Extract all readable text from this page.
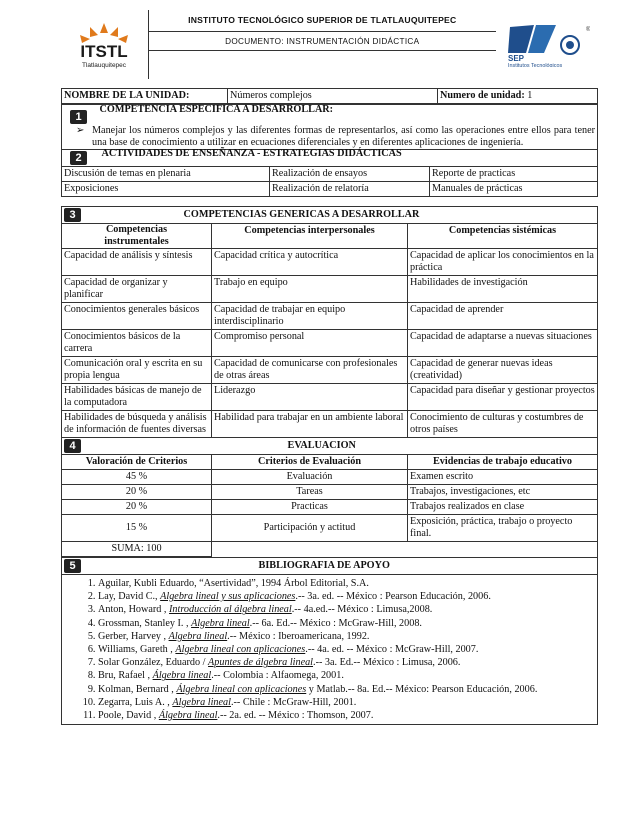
ITSTL
Tlatlauquitepec

INSTITUTO TECNOLÓGICO SUPERIOR DE TLATLAUQUITEPEC
DOCUMENTO: INSTRUMENTACIÓN DIDÁCTICA

®
SEP
Institutos Tecnológicos
NOMBRE DE LA UNIDAD:	Números complejos	Numero de unidad: 1
1 COMPETENCIA ESPECIFICA A DESARROLLAR:

➢ Manejar los números complejos y las diferentes formas de representarlos, así como las operaciones entre ellos para tener una base de conocimiento a utilizar en ecuaciones diferenciales y en diferentes aplicaciones de ingeniería.
2 ACTIVIDADES DE ENSEÑANZA - ESTRATEGIAS DIDÁCTICAS		
Discusión de temas en plenaria	Realización de ensayos	Reporte de practicas
Exposiciones	Realización de relatoría	Manuales de prácticas
3 COMPETENCIAS GENERICAS A DESARROLLAR		
Competencias instrumentales	Competencias interpersonales	Competencias sistémicas
Capacidad de análisis y síntesis	Capacidad crítica y autocrítica	Capacidad de aplicar los conocimientos en la práctica
Capacidad de organizar y planificar	Trabajo en equipo	Habilidades de investigación
Conocimientos generales básicos	Capacidad de trabajar en equipo interdisciplinario	Capacidad de aprender
Conocimientos básicos de la carrera	Compromiso personal	Capacidad de adaptarse a nuevas situaciones
Comunicación oral y escrita en su propia lengua	Capacidad de comunicarse con profesionales de otras áreas	Capacidad de generar nuevas ideas (creatividad)
Habilidades básicas de manejo de la computadora	Liderazgo	Capacidad para diseñar y gestionar proyectos
Habilidades de búsqueda y análisis de información de fuentes diversas	Habilidad para trabajar en un ambiente laboral	Conocimiento de culturas y costumbres de otros países
4 EVALUACION		
Valoración de Criterios	Criterios de Evaluación	Evidencias de trabajo educativo
45 %	Evaluación	Examen escrito
20 %	Tareas	Trabajos, investigaciones, etc
20 %	Practicas	Trabajos realizados en clase
15 %	Participación y actitud	Exposición, práctica, trabajo o proyecto final.
SUMA: 100		
5	BIBLIOGRAFIA DE APOYO

1. Aguilar, Kubli Eduardo, “Asertividad”, 1994 Árbol Editorial, S.A.
2. Lay, David C., Algebra lineal y sus aplicaciones.-- 3a. ed. -- México : Pearson Educación, 2006.
3. Anton, Howard , Introducción al álgebra lineal.-- 4a.ed.-- México : Limusa,2008.
4. Grossman, Stanley I. , Algebra lineal.-- 6a. Ed.-- México : McGraw-Hill, 2008.
5. Gerber, Harvey , Algebra lineal.-- México : Iberoamericana, 1992.
6. Williams, Gareth , Algebra lineal con aplicaciones.-- 4a. ed. -- México : McGraw-Hill, 2007.
7. Solar González, Eduardo / Apuntes de álgebra lineal.-- 3a. Ed.-- México : Limusa, 2006.
8. Bru, Rafael , Álgebra lineal.-- Colombia : Alfaomega, 2001.
9. Kolman, Bernard , Álgebra lineal con aplicaciones y Matlab.-- 8a. Ed.-- México: Pearson Educación, 2006.
10. Zegarra, Luis A. , Algebra lineal.-- Chile : McGraw-Hill, 2001.
11. Poole, David , Álgebra lineal.-- 2a. ed. -- México : Thomson, 2007.
